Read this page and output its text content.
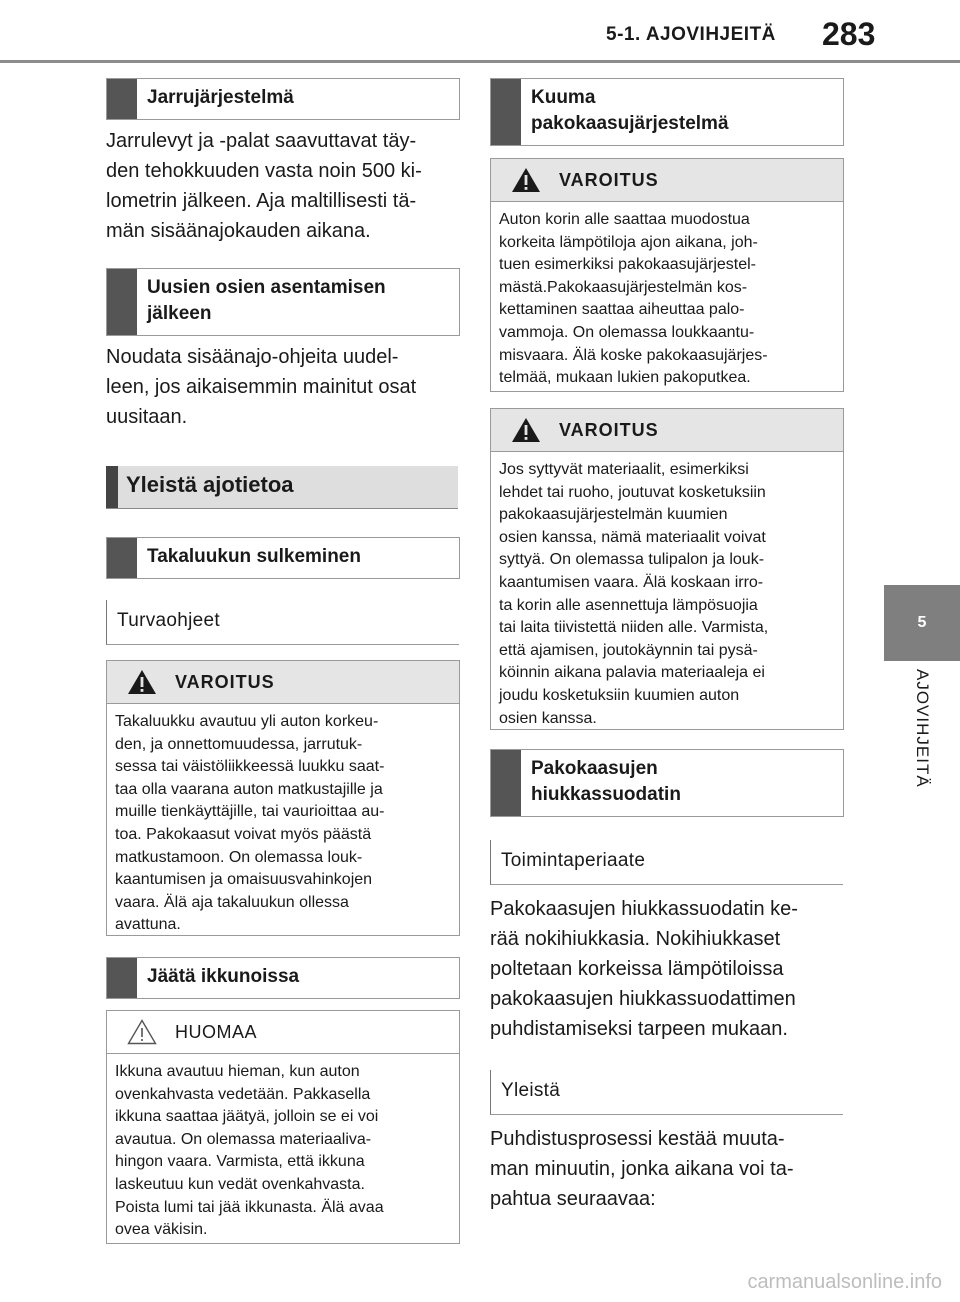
5-1. AJOVIHJEITÄ 283
5
AJOVIHJEITÄ
Jarrujärjestelmä
Jarrulevyt ja -palat saavuttavat täy-
den tehokkuuden vasta noin 500 ki-
lometrin jälkeen. Aja maltillisesti tä-
män sisäänajokauden aikana.
Uusien osien asentamisen
jälkeen
Noudata sisäänajo-ohjeita uudel-
leen, jos aikaisemmin mainitut osat
uusitaan.
Yleistä ajotietoa
Takaluukun sulkeminen
Turvaohjeet
VAROITUS
Takaluukku avautuu yli auton korkeu-
den, ja onnettomuudessa, jarrutuk-
sessa tai väistöliikkeessä luukku saat-
taa olla vaarana auton matkustajille ja
muille tienkäyttäjille, tai vaurioittaa au-
toa. Pakokaasut voivat myös päästä
matkustamoon. On olemassa louk-
kaantumisen ja omaisuusvahinkojen
vaara. Älä aja takaluukun ollessa
avattuna.
Jäätä ikkunoissa
HUOMAA
Ikkuna avautuu hieman, kun auton
ovenkahvasta vedetään. Pakkasella
ikkuna saattaa jäätyä, jolloin se ei voi
avautua. On olemassa materiaaliva-
hingon vaara. Varmista, että ikkuna
laskeutuu kun vedät ovenkahvasta.
Poista lumi tai jää ikkunasta. Älä avaa
ovea väkisin.
Kuuma
pakokaasujärjestelmä
VAROITUS
Auton korin alle saattaa muodostua
korkeita lämpötiloja ajon aikana, joh-
tuen esimerkiksi pakokaasujärjestel-
mästä.Pakokaasujärjestelmän kos-
kettaminen saattaa aiheuttaa palo-
vammoja. On olemassa loukkaantu-
misvaara. Älä koske pakokaasujärjes-
telmää, mukaan lukien pakoputkea.
VAROITUS
Jos syttyvät materiaalit, esimerkiksi
lehdet tai ruoho, joutuvat kosketuksiin
pakokaasujärjestelmän kuumien
osien kanssa, nämä materiaalit voivat
syttyä. On olemassa tulipalon ja louk-
kaantumisen vaara. Älä koskaan irro-
ta korin alle asennettuja lämpösuojia
tai laita tiivistettä niiden alle. Varmista,
että ajamisen, joutokäynnin tai pysä-
köinnin aikana palavia materiaaleja ei
joudu kosketuksiin kuumien auton
osien kanssa.
Pakokaasujen
hiukkassuodatin
Toimintaperiaate
Pakokaasujen hiukkassuodatin ke-
rää nokihiukkasia. Nokihiukkaset
poltetaan korkeissa lämpötiloissa
pakokaasujen hiukkassuodattimen
puhdistamiseksi tarpeen mukaan.
Yleistä
Puhdistusprosessi kestää muuta-
man minuutin, jonka aikana voi ta-
pahtua seuraavaa:
carmanualsonline.info
